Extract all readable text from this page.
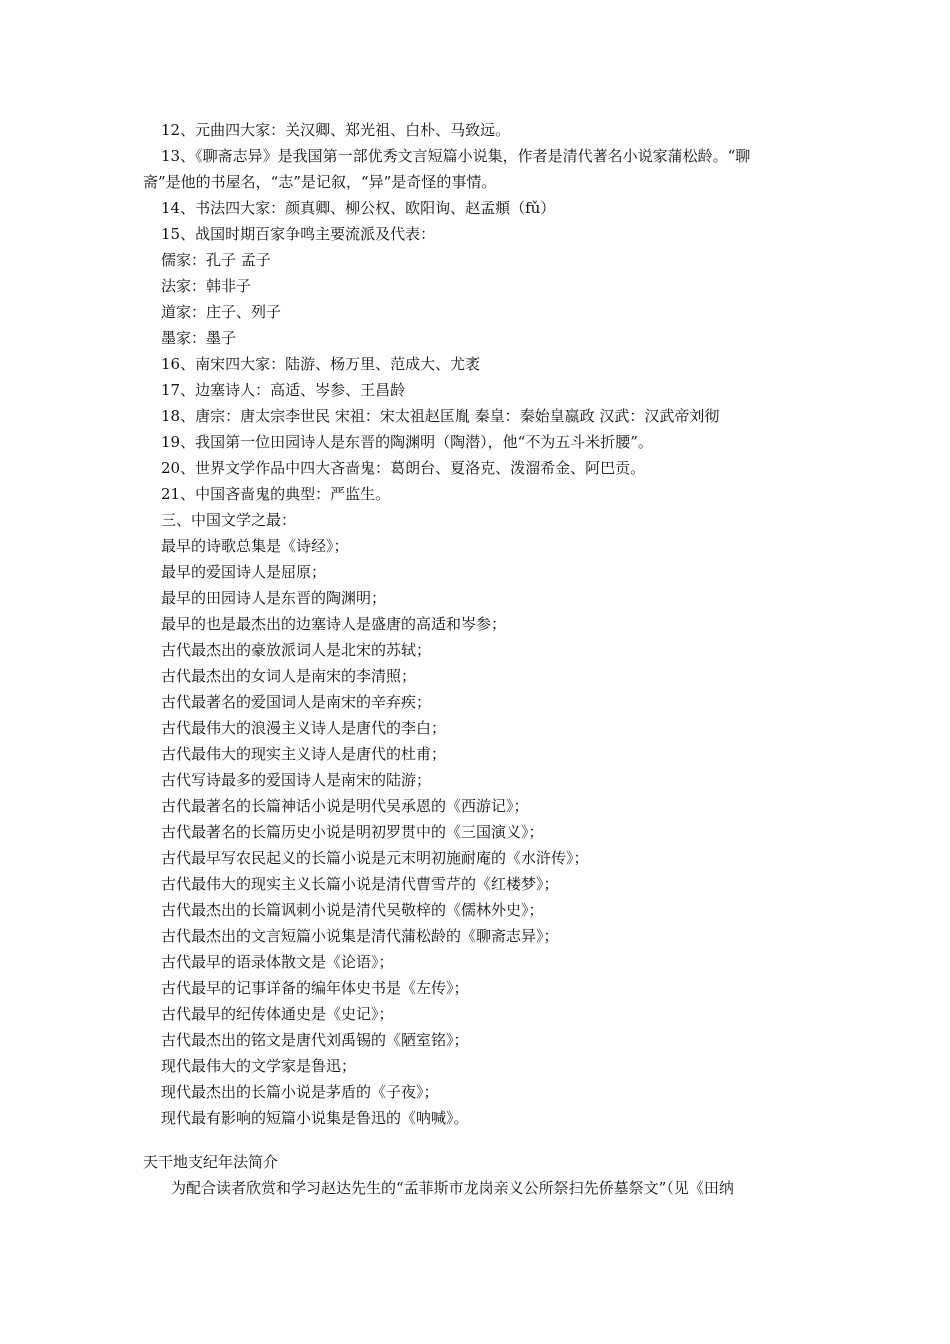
12、元曲四大家：关汉卿、郑光祖、白朴、马致远。
13、《聊斋志异》是我国第一部优秀文言短篇小说集，作者是清代著名小说家蒲松龄。“聊
斋”是他的书屋名，“志”是记叙，“异”是奇怪的事情。
14、书法四大家：颜真卿、柳公权、欧阳询、赵孟頫（fǔ）
15、战国时期百家争鸣主要流派及代表：
儒家：孔子 孟子
法家：韩非子
道家：庄子、列子
墨家：墨子
16、南宋四大家：陆游、杨万里、范成大、尤袤
17、边塞诗人：高适、岑参、王昌龄
18、唐宗：唐太宗李世民 宋祖：宋太祖赵匡胤 秦皇：秦始皇嬴政 汉武：汉武帝刘彻
19、我国第一位田园诗人是东晋的陶渊明（陶潜），他“不为五斗米折腰”。
20、世界文学作品中四大吝啬鬼：葛朗台、夏洛克、泼溜希金、阿巴贡。
21、中国吝啬鬼的典型：严监生。
三、中国文学之最：
最早的诗歌总集是《诗经》；
最早的爱国诗人是屈原；
最早的田园诗人是东晋的陶渊明；
最早的也是最杰出的边塞诗人是盛唐的高适和岑参；
古代最杰出的豪放派词人是北宋的苏轼；
古代最杰出的女词人是南宋的李清照；
古代最著名的爱国词人是南宋的辛弃疾；
古代最伟大的浪漫主义诗人是唐代的李白；
古代最伟大的现实主义诗人是唐代的杜甫；
古代写诗最多的爱国诗人是南宋的陆游；
古代最著名的长篇神话小说是明代吴承恩的《西游记》；
古代最著名的长篇历史小说是明初罗贯中的《三国演义》；
古代最早写农民起义的长篇小说是元末明初施耐庵的《水浒传》；
古代最伟大的现实主义长篇小说是清代曹雪芹的《红楼梦》；
古代最杰出的长篇讽刺小说是清代吴敬梓的《儒林外史》；
古代最杰出的文言短篇小说集是清代蒲松龄的《聊斋志异》；
古代最早的语录体散文是《论语》；
古代最早的记事详备的编年体史书是《左传》；
古代最早的纪传体通史是《史记》；
古代最杰出的铭文是唐代刘禹锡的《陋室铭》；
现代最伟大的文学家是鲁迅；
现代最杰出的长篇小说是茅盾的《子夜》；
现代最有影响的短篇小说集是鲁迅的《呐喊》。
天干地支纪年法简介
为配合读者欣赏和学习赵达先生的“孟菲斯市龙岗亲义公所祭扫先侨墓祭文”（见《田纳
